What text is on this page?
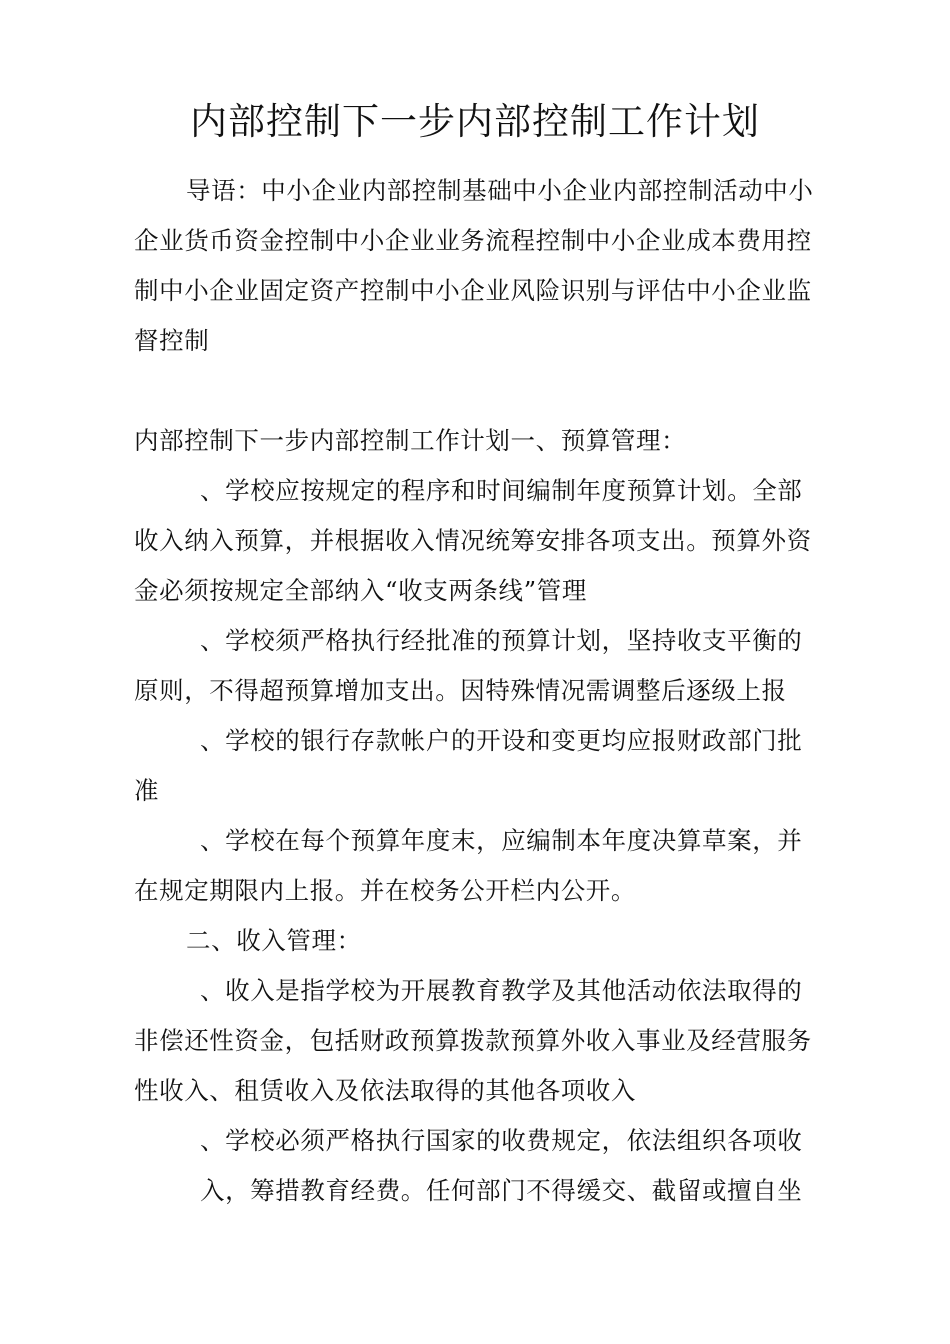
内部控制下一步内部控制工作计划
导语：中小企业内部控制基础中小企业内部控制活动中小
企业货币资金控制中小企业业务流程控制中小企业成本费用控
制中小企业固定资产控制中小企业风险识别与评估中小企业监
督控制
内部控制下一步内部控制工作计划一、预算管理：
、学校应按规定的程序和时间编制年度预算计划。全部
收入纳入预算，并根据收入情况统筹安排各项支出。预算外资
金必须按规定全部纳入“收支两条线”管理
、学校须严格执行经批准的预算计划，坚持收支平衡的
原则，不得超预算增加支出。因特殊情况需调整后逐级上报
、学校的银行存款帐户的开设和变更均应报财政部门批
准
、学校在每个预算年度末，应编制本年度决算草案，并
在规定期限内上报。并在校务公开栏内公开。
二、收入管理：
、收入是指学校为开展教育教学及其他活动依法取得的
非偿还性资金，包括财政预算拨款预算外收入事业及经营服务
性收入、租赁收入及依法取得的其他各项收入
、学校必须严格执行国家的收费规定，依法组织各项收
入，筹措教育经费。任何部门不得缓交、截留或擅自坐
